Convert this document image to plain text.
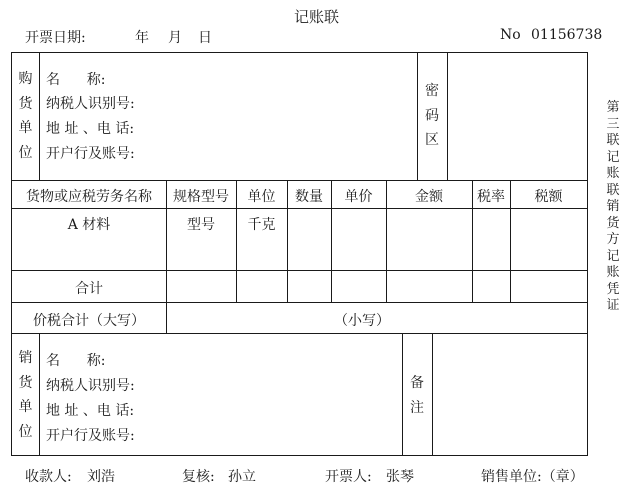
记账联
开票日期:	年 月 日	No 01156738
购
货
单
位
名      称:
纳税人识别号:
地 址 、电 话:
开户行及账号:
密
码
区
货物或应税劳务名称	规格型号	单位	数量	单价	金额	税率	税额
A 材料	型号	千克
合计
价税合计（大写）	（小写）
销
货
单
位
名      称:
纳税人识别号:
地 址 、电 话:
开户行及账号:
备
注
第三联 记账联 销货方记账凭证
收款人: 刘浩	复核: 孙立	开票人: 张琴	销售单位:（章）
